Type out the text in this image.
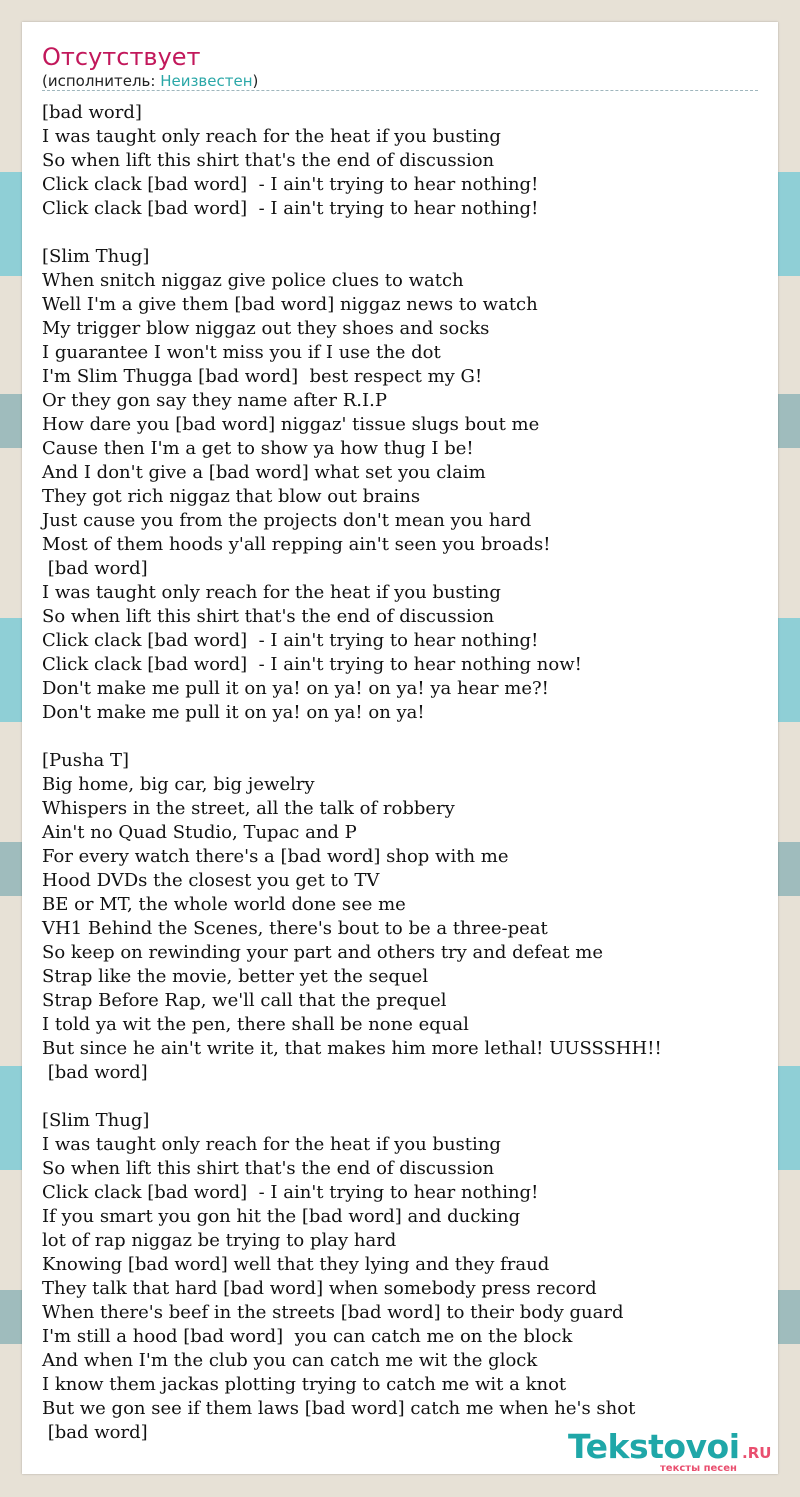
Отсутствует
(исполнитель: Неизвестен)
[bad word]
I was taught only reach for the heat if you busting
So when lift this shirt that's the end of discussion
Click clack [bad word]  - I ain't trying to hear nothing!
Click clack [bad word]  - I ain't trying to hear nothing!
[Slim Thug]
When snitch niggaz give police clues to watch
Well I'm a give them [bad word] niggaz news to watch
My trigger blow niggaz out they shoes and socks
I guarantee I won't miss you if I use the dot
I'm Slim Thugga [bad word]  best respect my G!
Or they gon say they name after R.I.P
How dare you [bad word] niggaz' tissue slugs bout me
Cause then I'm a get to show ya how thug I be!
And I don't give a [bad word] what set you claim
They got rich niggaz that blow out brains
Just cause you from the projects don't mean you hard
Most of them hoods y'all repping ain't seen you broads!
[bad word]
I was taught only reach for the heat if you busting
So when lift this shirt that's the end of discussion
Click clack [bad word]  - I ain't trying to hear nothing!
Click clack [bad word]  - I ain't trying to hear nothing now!
Don't make me pull it on ya! on ya! on ya! ya hear me?!
Don't make me pull it on ya! on ya! on ya!
[Pusha T]
Big home, big car, big jewelry
Whispers in the street, all the talk of robbery
Ain't no Quad Studio, Tupac and P
For every watch there's a [bad word] shop with me
Hood DVDs the closest you get to TV
BE or MT, the whole world done see me
VH1 Behind the Scenes, there's bout to be a three-peat
So keep on rewinding your part and others try and defeat me
Strap like the movie, better yet the sequel
Strap Before Rap, we'll call that the prequel
I told ya wit the pen, there shall be none equal
But since he ain't write it, that makes him more lethal! UUSSSHH!!
[bad word]
[Slim Thug]
I was taught only reach for the heat if you busting
So when lift this shirt that's the end of discussion
Click clack [bad word]  - I ain't trying to hear nothing!
If you smart you gon hit the [bad word] and ducking
lot of rap niggaz be trying to play hard
Knowing [bad word] well that they lying and they fraud
They talk that hard [bad word] when somebody press record
When there's beef in the streets [bad word] to their body guard
I'm still a hood [bad word]  you can catch me on the block
And when I'm the club you can catch me wit the glock
I know them jackas plotting trying to catch me wit a knot
But we gon see if them laws [bad word] catch me when he's shot
[bad word]	Tekstovoi .RU
тексты песен
